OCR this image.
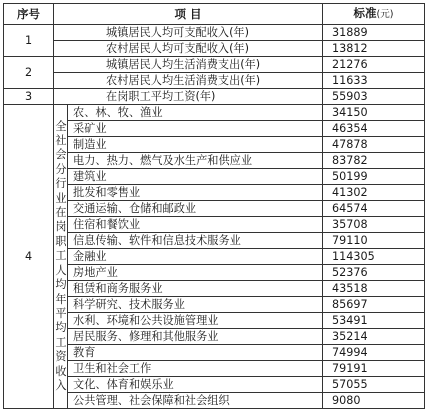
序号	项 目		标准(元)
1	城镇居民人均可支配收入(年)		31889
	农村居民人均可支配收入(年)		13812
2	城镇居民人均生活消费支出(年)		21276
	农村居民人均生活消费支出(年)		11633
3	在岗职工平均工资(年)		55903
4	全社会分行业在岗职工人均年平均工资收入	农、林、牧、渔业	34150
		采矿业	46354
		制造业	47878
		电力、热力、燃气及水生产和供应业	83782
		建筑业	50199
		批发和零售业	41302
		交通运输、仓储和邮政业	64574
		住宿和餐饮业	35708
		信息传输、软件和信息技术服务业	79110
		金融业	114305
		房地产业	52376
		租赁和商务服务业	43518
		科学研究、技术服务业	85697
		水利、环境和公共设施管理业	53491
		居民服务、修理和其他服务业	35214
		教育	74994
		卫生和社会工作	79191
		文化、体育和娱乐业	57055
		公共管理、社会保障和社会组织	9080
